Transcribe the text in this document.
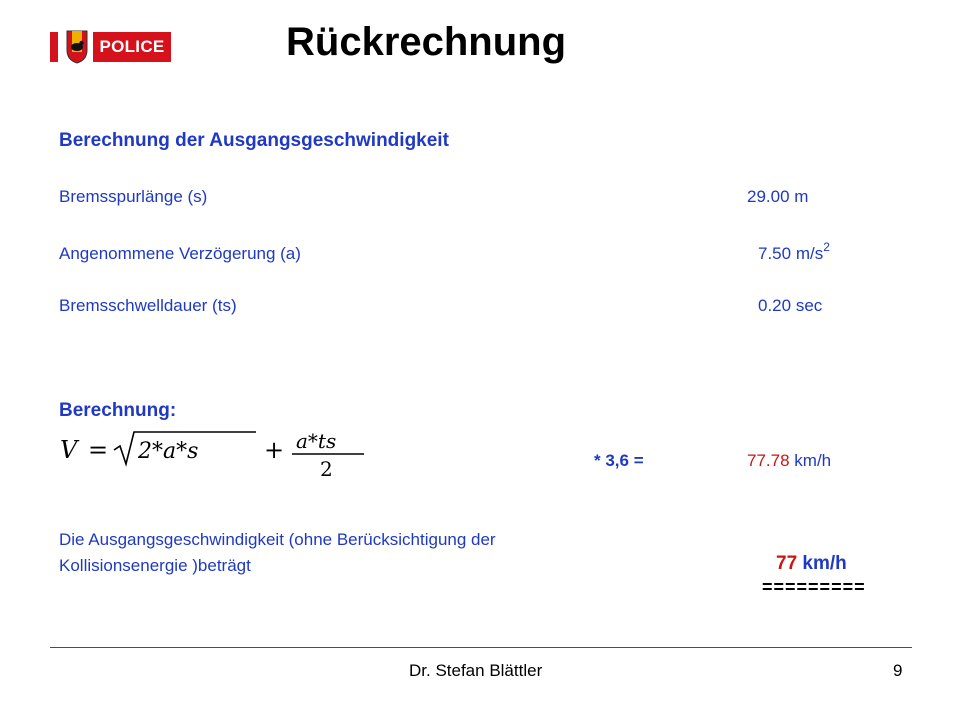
POLICE	Rückrechnung
Berechnung der Ausgangsgeschwindigkeit
Bremsspurlänge (s)	29.00 m
Angenommene Verzögerung (a)	7.50 $m/s^2$
Bremsschwelldauer (ts)	0.20 sec
Berechnung:
V = 2*a*s	+ a*ts
2	* 3,6 =	77.78 km/h
Die Ausgangsgeschwindigkeit (ohne Berücksichtigung der
Kollisionsenergie )beträgt	77 km/h
=========
Dr. Stefan Blättler	9
